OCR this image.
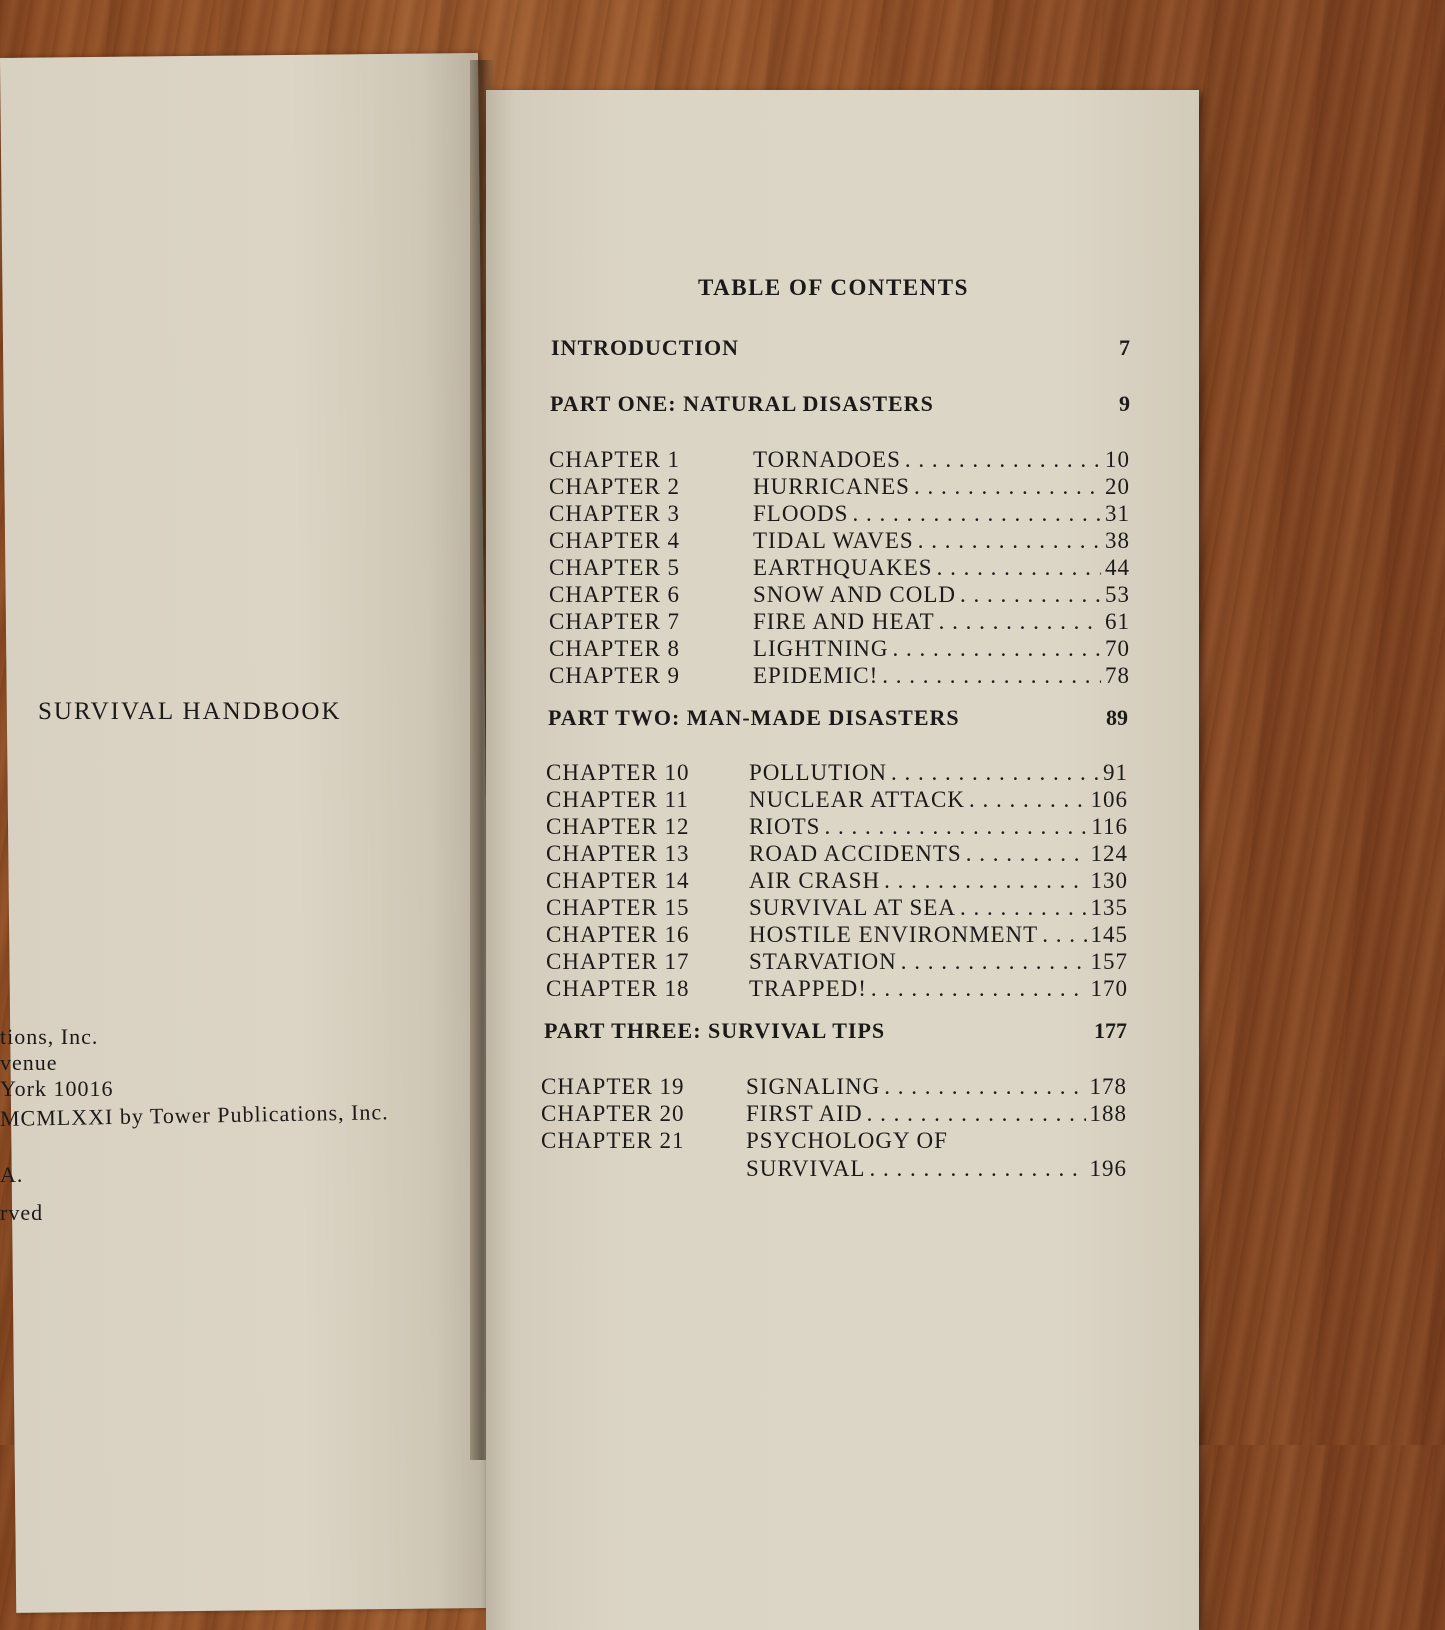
SURVIVAL HANDBOOK
tions, Inc.
venue
York 10016
MCMLXXI by Tower Publications, Inc.
A.
rved
TABLE OF CONTENTS
INTRODUCTION	7
PART ONE: NATURAL DISASTERS	9
CHAPTER 1	TORNADOES . . .	10
CHAPTER 2	HURRICANES . . .	20
CHAPTER 3	FLOODS . . .	31
CHAPTER 4	TIDAL WAVES . . .	38
CHAPTER 5	EARTHQUAKES . . .	44
CHAPTER 6	SNOW AND COLD . . .	53
CHAPTER 7	FIRE AND HEAT . . .	61
CHAPTER 8	LIGHTNING . . .	70
CHAPTER 9	EPIDEMIC! . . .	78
PART TWO: MAN-MADE DISASTERS	89
CHAPTER 10	POLLUTION . . .	91
CHAPTER 11	NUCLEAR ATTACK . . .	106
CHAPTER 12	RIOTS . . .	116
CHAPTER 13	ROAD ACCIDENTS . . .	124
CHAPTER 14	AIR CRASH . . .	130
CHAPTER 15	SURVIVAL AT SEA . . .	135
CHAPTER 16	HOSTILE ENVIRONMENT . . . 145
CHAPTER 17	STARVATION . . .	157
CHAPTER 18	TRAPPED! . . .	170
PART THREE: SURVIVAL TIPS	177
CHAPTER 19	SIGNALING . . .	178
CHAPTER 20	FIRST AID . . .	188
CHAPTER 21	PSYCHOLOGY OF
SURVIVAL . . .	196
